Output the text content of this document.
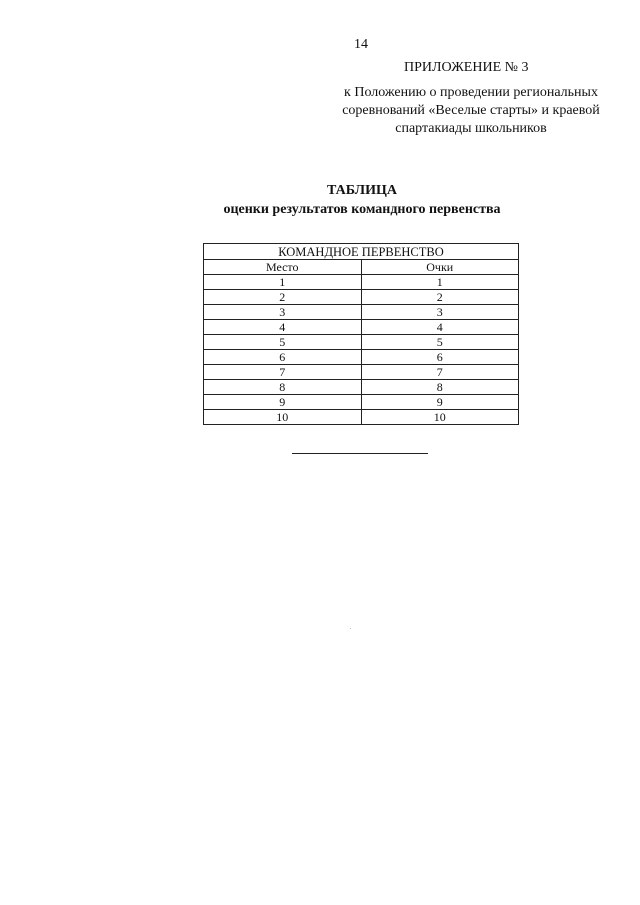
14
ПРИЛОЖЕНИЕ № 3
к Положению о проведении региональных
соревнований «Веселые старты» и краевой
спартакиады школьников
ТАБЛИЦА
оценки результатов командного первенства
КОМАНДНОЕ ПЕРВЕНСТВО	
Место	Очки
1	1
2	2
3	3
4	4
5	5
6	6
7	7
8	8
9	9
10	10
